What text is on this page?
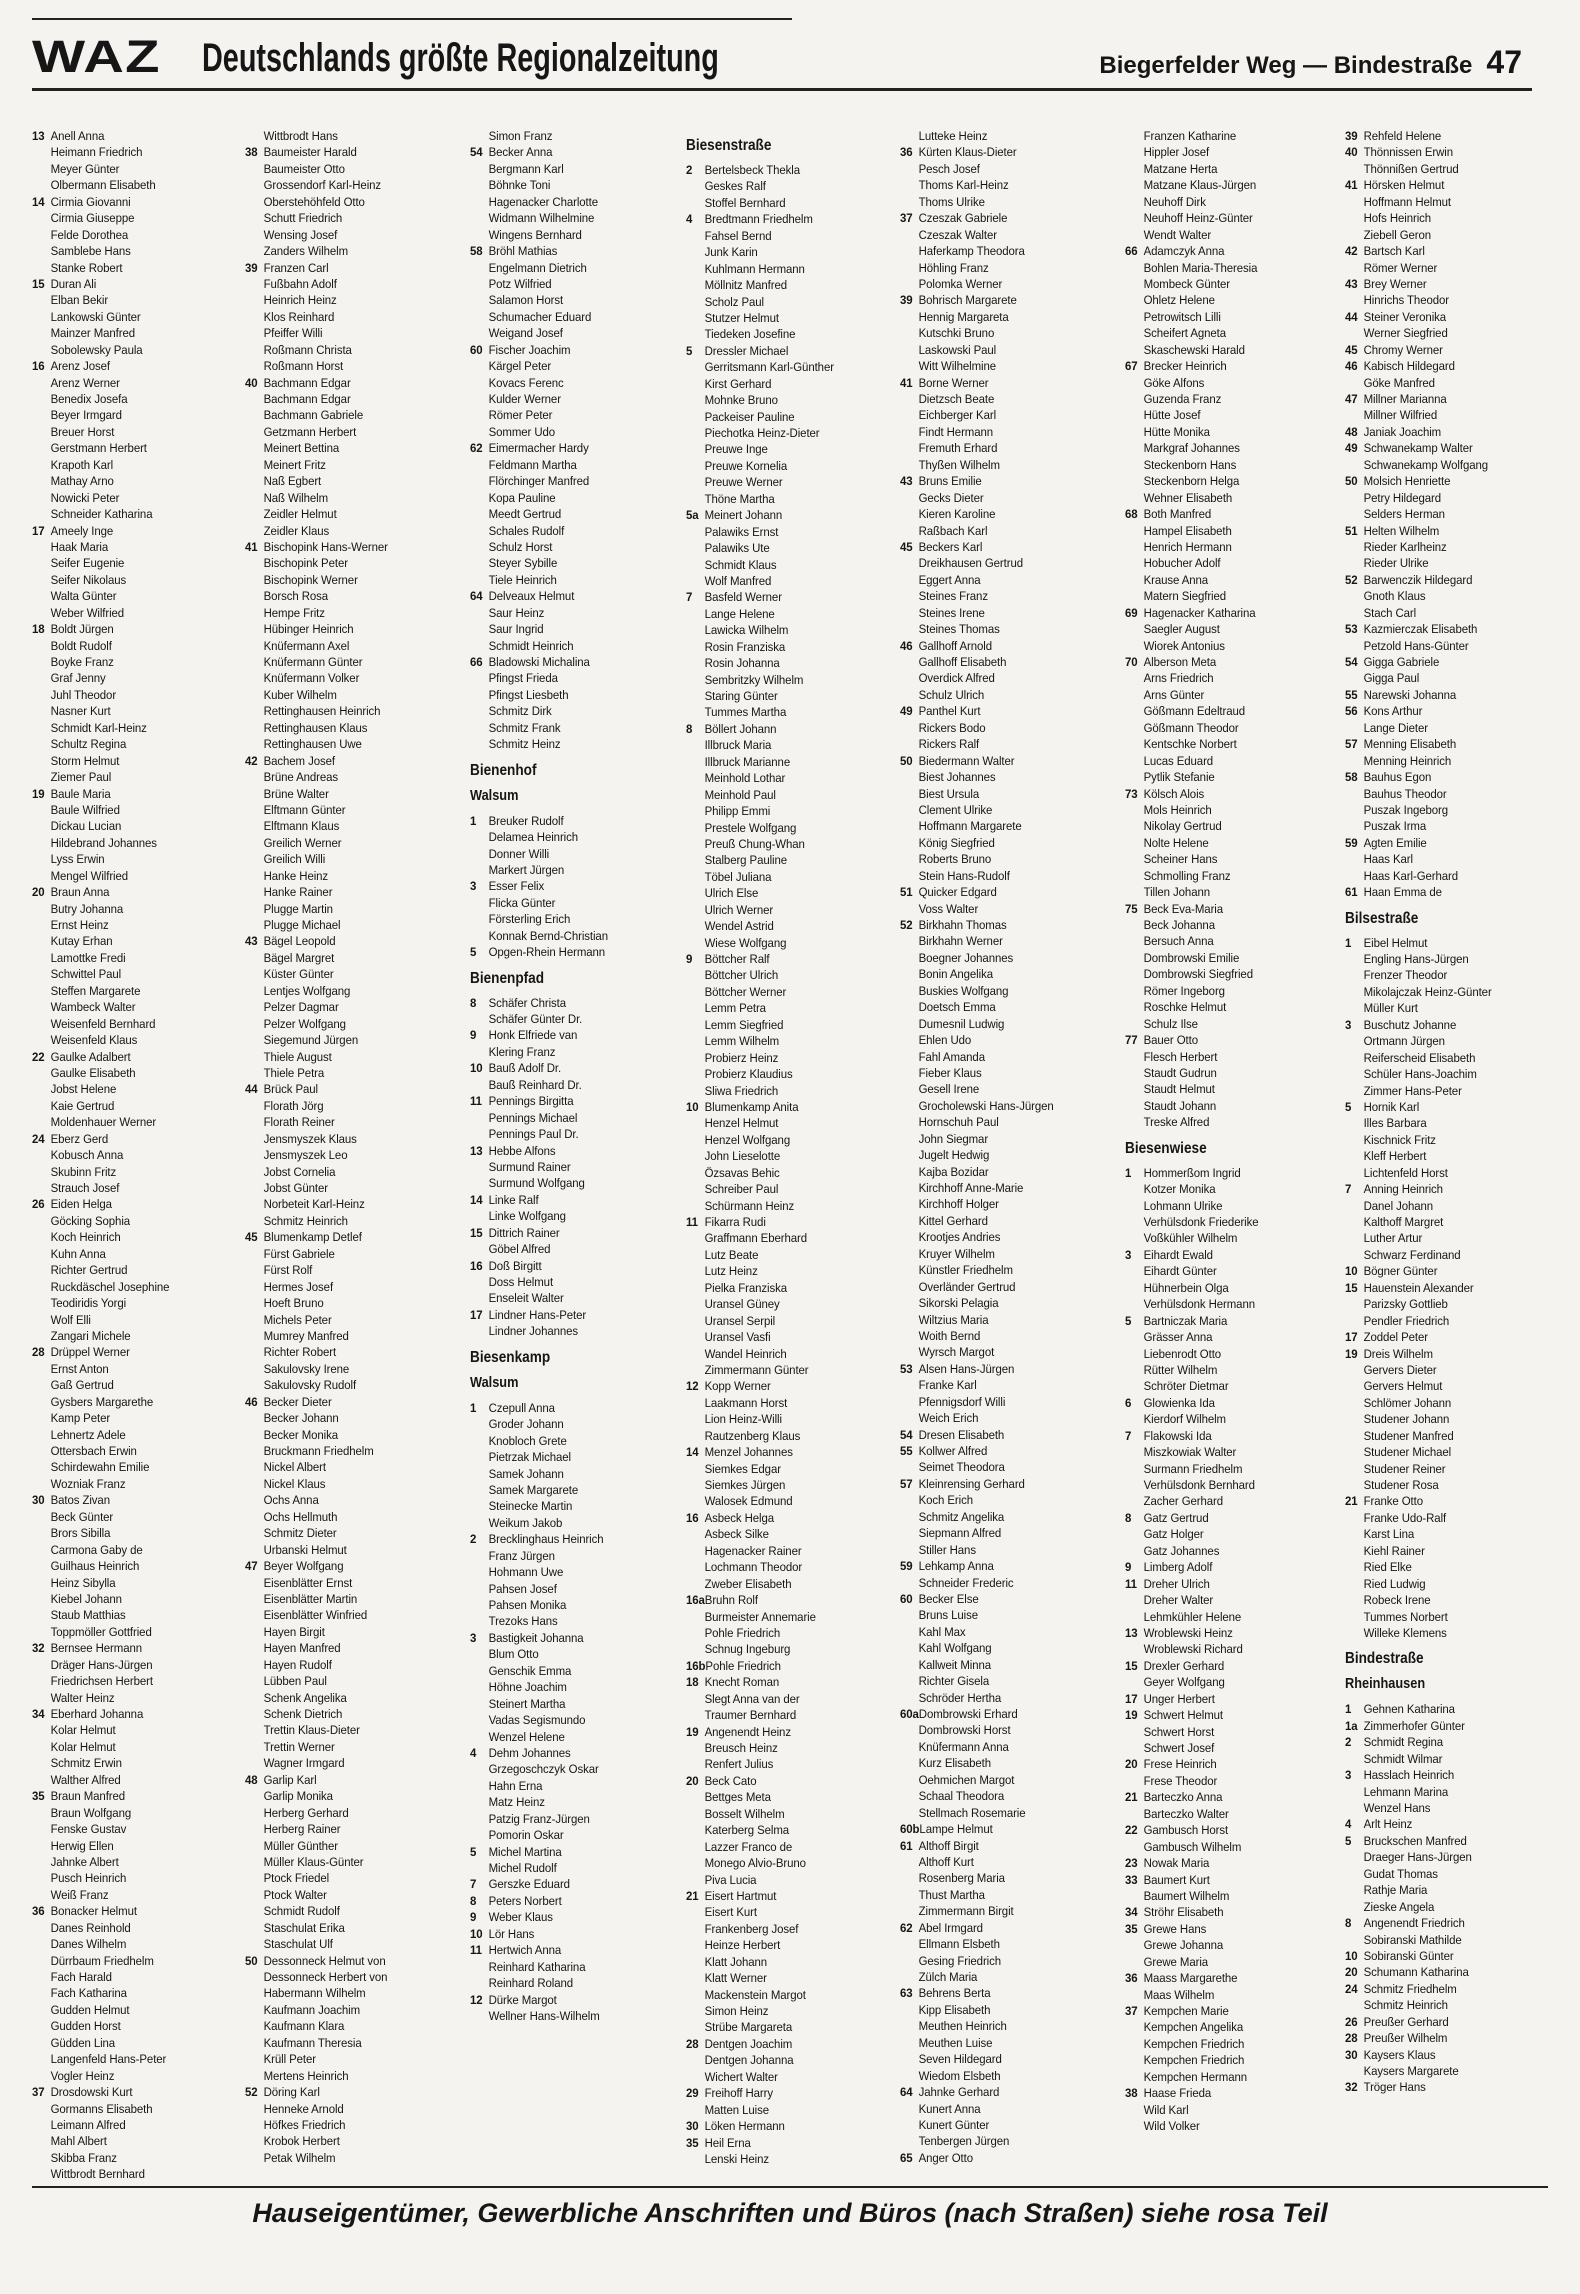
WAZ Deutschlands größte Regionalzeitung	Biegerfelder Weg — Bindestraße 47
13 Anell Anna
Heimann Friedrich
Meyer Günter
Olbermann Elisabeth
14 Cirmia Giovanni
Cirmia Giuseppe
Felde Dorothea
Samblebe Hans
Stanke Robert
15 Duran Ali
Elban Bekir
Lankowski Günter
Mainzer Manfred
Sobolewsky Paula
16 Arenz Josef
Arenz Werner
Benedix Josefa
Beyer Irmgard
Breuer Horst
Gerstmann Herbert
Krapoth Karl
Mathay Arno
Nowicki Peter
Schneider Katharina
17 Ameely Inge
Haak Maria
Seifer Eugenie
Seifer Nikolaus
Walta Günter
Weber Wilfried
18 Boldt Jürgen
Boldt Rudolf
Boyke Franz
Graf Jenny
Juhl Theodor
Nasner Kurt
Schmidt Karl-Heinz
Schultz Regina
Storm Helmut
Ziemer Paul
19 Baule Maria
Baule Wilfried
Dickau Lucian
Hildebrand Johannes
Lyss Erwin
Mengel Wilfried
20 Braun Anna
Butry Johanna
Ernst Heinz
Kutay Erhan
Lamottke Fredi
Schwittel Paul
Steffen Margarete
Wambeck Walter
Weisenfeld Bernhard
Weisenfeld Klaus
22 Gaulke Adalbert
Gaulke Elisabeth
Jobst Helene
Kaie Gertrud
Moldenhauer Werner
24 Eberz Gerd
Kobusch Anna
Skubinn Fritz
Strauch Josef
26 Eiden Helga
Göcking Sophia
Koch Heinrich
Kuhn Anna
Richter Gertrud
Ruckdäschel Josephine
Teodiridis Yorgi
Wolf Elli
Zangari Michele
28 Drüppel Werner
Ernst Anton
Gaß Gertrud
Gysbers Margarethe
Kamp Peter
Lehnertz Adele
Ottersbach Erwin
Schirdewahn Emilie
Wozniak Franz
30 Batos Zivan
Beck Günter
Brors Sibilla
Carmona Gaby de
Guilhaus Heinrich
Heinz Sibylla
Kiebel Johann
Staub Matthias
Toppmöller Gottfried
32 Bernsee Hermann
Dräger Hans-Jürgen
Friedrichsen Herbert
Walter Heinz
34 Eberhard Johanna
Kolar Helmut
Kolar Helmut
Schmitz Erwin
Walther Alfred
35 Braun Manfred
Braun Wolfgang
Fenske Gustav
Herwig Ellen
Jahnke Albert
Pusch Heinrich
Weiß Franz
36 Bonacker Helmut
Danes Reinhold
Danes Wilhelm
Dürrbaum Friedhelm
Fach Harald
Fach Katharina
Gudden Helmut
Gudden Horst
Güdden Lina
Langenfeld Hans-Peter
Vogler Heinz
37 Drosdowski Kurt
Gormanns Elisabeth
Leimann Alfred
Mahl Albert
Skibba Franz
Wittbrodt Bernhard
Wittbrodt Hans
38 Baumeister Harald
Baumeister Otto
Grossendorf Karl-Heinz
Oberstehöhfeld Otto
Schutt Friedrich
Wensing Josef
Zanders Wilhelm
39 Franzen Carl
Fußbahn Adolf
Heinrich Heinz
Klos Reinhard
Pfeiffer Willi
Roßmann Christa
Roßmann Horst
40 Bachmann Edgar
Bachmann Edgar
Bachmann Gabriele
Getzmann Herbert
Meinert Bettina
Meinert Fritz
Naß Egbert
Naß Wilhelm
Zeidler Helmut
Zeidler Klaus
41 Bischopink Hans-Werner
Bischopink Peter
Bischopink Werner
Borsch Rosa
Hempe Fritz
Hübinger Heinrich
Knüfermann Axel
Knüfermann Günter
Knüfermann Volker
Kuber Wilhelm
Rettinghausen Heinrich
Rettinghausen Klaus
Rettinghausen Uwe
42 Bachem Josef
Brüne Andreas
Brüne Walter
Elftmann Günter
Elftmann Klaus
Greilich Werner
Greilich Willi
Hanke Heinz
Hanke Rainer
Plugge Martin
Plugge Michael
43 Bägel Leopold
Bägel Margret
Küster Günter
Lentjes Wolfgang
Pelzer Dagmar
Pelzer Wolfgang
Siegemund Jürgen
Thiele August
Thiele Petra
44 Brück Paul
Florath Jörg
Florath Reiner
Jensmyszek Klaus
Jensmyszek Leo
Jobst Cornelia
Jobst Günter
Norbeteit Karl-Heinz
Schmitz Heinrich
45 Blumenkamp Detlef
Fürst Gabriele
Fürst Rolf
Hermes Josef
Hoeft Bruno
Michels Peter
Mumrey Manfred
Richter Robert
Sakulovsky Irene
Sakulovsky Rudolf
46 Becker Dieter
Becker Johann
Becker Monika
Bruckmann Friedhelm
Nickel Albert
Nickel Klaus
Ochs Anna
Ochs Hellmuth
Schmitz Dieter
Urbanski Helmut
47 Beyer Wolfgang
Eisenblätter Ernst
Eisenblätter Martin
Eisenblätter Winfried
Hayen Birgit
Hayen Manfred
Hayen Rudolf
Lübben Paul
Schenk Angelika
Schenk Dietrich
Trettin Klaus-Dieter
Trettin Werner
Wagner Irmgard
48 Garlip Karl
Garlip Monika
Herberg Gerhard
Herberg Rainer
Müller Günther
Müller Klaus-Günter
Ptock Friedel
Ptock Walter
Schmidt Rudolf
Staschulat Erika
Staschulat Ulf
50 Dessonneck Helmut von
Dessonneck Herbert von
Habermann Wilhelm
Kaufmann Joachim
Kaufmann Klara
Kaufmann Theresia
Krüll Peter
Mertens Heinrich
52 Döring Karl
Henneke Arnold
Höfkes Friedrich
Krobok Herbert
Petak Wilhelm
Simon Franz
54 Becker Anna
Bergmann Karl
Böhnke Toni
Hagenacker Charlotte
Widmann Wilhelmine
Wingens Bernhard
58 Bröhl Mathias
Engelmann Dietrich
Potz Wilfried
Salamon Horst
Schumacher Eduard
Weigand Josef
60 Fischer Joachim
Kärgel Peter
Kovacs Ferenc
Kulder Werner
Römer Peter
Sommer Udo
62 Eimermacher Hardy
Feldmann Martha
Flörchinger Manfred
Kopa Pauline
Meedt Gertrud
Schales Rudolf
Schulz Horst
Steyer Sybille
Tiele Heinrich
64 Delveaux Helmut
Saur Heinz
Saur Ingrid
Schmidt Heinrich
66 Bladowski Michalina
Pfingst Frieda
Pfingst Liesbeth
Schmitz Dirk
Schmitz Frank
Schmitz Heinz
Bienenhof
Walsum
1 Breuker Rudolf
Delamea Heinrich
Donner Willi
Markert Jürgen
3 Esser Felix
Flicka Günter
Försterling Erich
Konnak Bernd-Christian
5 Opgen-Rhein Hermann
Bienenpfad
8 Schäfer Christa
Schäfer Günter Dr.
9 Honk Elfriede van
Klering Franz
10 Bauß Adolf Dr.
Bauß Reinhard Dr.
11 Pennings Birgitta
Pennings Michael
Pennings Paul Dr.
13 Hebbe Alfons
Surmund Rainer
Surmund Wolfgang
14 Linke Ralf
Linke Wolfgang
15 Dittrich Rainer
Göbel Alfred
16 Doß Birgitt
Doss Helmut
Enseleit Walter
17 Lindner Hans-Peter
Lindner Johannes
Biesenkamp
Walsum
1 Czepull Anna
Groder Johann
Knobloch Grete
Pietrzak Michael
Samek Johann
Samek Margarete
Steinecke Martin
Weikum Jakob
2 Brecklinghaus Heinrich
Franz Jürgen
Hohmann Uwe
Pahsen Josef
Pahsen Monika
Trezoks Hans
3 Bastigkeit Johanna
Blum Otto
Genschik Emma
Höhne Joachim
Steinert Martha
Vadas Segismundo
Wenzel Helene
4 Dehm Johannes
Grzegoschczyk Oskar
Hahn Erna
Matz Heinz
Patzig Franz-Jürgen
Pomorin Oskar
5 Michel Martina
Michel Rudolf
7 Gerszke Eduard
8 Peters Norbert
9 Weber Klaus
10 Lör Hans
11 Hertwich Anna
Reinhard Katharina
Reinhard Roland
12 Dürke Margot
Wellner Hans-Wilhelm
Biesenstraße
2 Bertelsbeck Thekla
Geskes Ralf
Stoffel Bernhard
4 Bredtmann Friedhelm
Fahsel Bernd
Junk Karin
Kuhlmann Hermann
Möllnitz Manfred
Scholz Paul
Stutzer Helmut
Tiedeken Josefine
5 Dressler Michael
Gerritsmann Karl-Günther
Kirst Gerhard
Mohnke Bruno
Packeiser Pauline
Piechotka Heinz-Dieter
Preuwe Inge
Preuwe Kornelia
Preuwe Werner
Thöne Martha
5a Meinert Johann
Palawiks Ernst
Palawiks Ute
Schmidt Klaus
Wolf Manfred
7 Basfeld Werner
Lange Helene
Lawicka Wilhelm
Rosin Franziska
Rosin Johanna
Sembritzky Wilhelm
Staring Günter
Tummes Martha
8 Böllert Johann
Illbruck Maria
Illbruck Marianne
Meinhold Lothar
Meinhold Paul
Philipp Emmi
Prestele Wolfgang
Preuß Chung-Whan
Stalberg Pauline
Töbel Juliana
Ulrich Else
Ulrich Werner
Wendel Astrid
Wiese Wolfgang
9 Böttcher Ralf
Böttcher Ulrich
Böttcher Werner
Lemm Petra
Lemm Siegfried
Lemm Wilhelm
Probierz Heinz
Probierz Klaudius
Sliwa Friedrich
10 Blumenkamp Anita
Henzel Helmut
Henzel Wolfgang
John Lieselotte
Özsavas Behic
Schreiber Paul
Schürmann Heinz
11 Fikarra Rudi
Graffmann Eberhard
Lutz Beate
Lutz Heinz
Pielka Franziska
Uransel Güney
Uransel Serpil
Uransel Vasfi
Wandel Heinrich
Zimmermann Günter
12 Kopp Werner
Laakmann Horst
Lion Heinz-Willi
Rautzenberg Klaus
14 Menzel Johannes
Siemkes Edgar
Siemkes Jürgen
Walosek Edmund
16 Asbeck Helga
Asbeck Silke
Hagenacker Rainer
Lochmann Theodor
Zweber Elisabeth
16aBruhn Rolf
Burmeister Annemarie
Pohle Friedrich
Schnug Ingeburg
16bPohle Friedrich
18 Knecht Roman
Slegt Anna van der
Traumer Bernhard
19 Angenendt Heinz
Breusch Heinz
Renfert Julius
20 Beck Cato
Bettges Meta
Bosselt Wilhelm
Katerberg Selma
Lazzer Franco de
Monego Alvio-Bruno
Piva Lucia
21 Eisert Hartmut
Eisert Kurt
Frankenberg Josef
Heinze Herbert
Klatt Johann
Klatt Werner
Mackenstein Margot
Simon Heinz
Strübe Margareta
28 Dentgen Joachim
Dentgen Johanna
Wichert Walter
29 Freihoff Harry
Matten Luise
30 Löken Hermann
35 Heil Erna
Lenski Heinz
Lutteke Heinz
36 Kürten Klaus-Dieter
Pesch Josef
Thoms Karl-Heinz
Thoms Ulrike
37 Czeszak Gabriele
Czeszak Walter
Haferkamp Theodora
Höhling Franz
Polomka Werner
39 Bohrisch Margarete
Hennig Margareta
Kutschki Bruno
Laskowski Paul
Witt Wilhelmine
41 Borne Werner
Dietzsch Beate
Eichberger Karl
Findt Hermann
Fremuth Erhard
Thyßen Wilhelm
43 Bruns Emilie
Gecks Dieter
Kieren Karoline
Raßbach Karl
45 Beckers Karl
Dreikhausen Gertrud
Eggert Anna
Steines Franz
Steines Irene
Steines Thomas
46 Gallhoff Arnold
Gallhoff Elisabeth
Overdick Alfred
Schulz Ulrich
49 Panthel Kurt
Rickers Bodo
Rickers Ralf
50 Biedermann Walter
Biest Johannes
Biest Ursula
Clement Ulrike
Hoffmann Margarete
König Siegfried
Roberts Bruno
Stein Hans-Rudolf
51 Quicker Edgard
Voss Walter
52 Birkhahn Thomas
Birkhahn Werner
Boegner Johannes
Bonin Angelika
Buskies Wolfgang
Doetsch Emma
Dumesnil Ludwig
Ehlen Udo
Fahl Amanda
Fieber Klaus
Gesell Irene
Grocholewski Hans-Jürgen
Hornschuh Paul
John Siegmar
Jugelt Hedwig
Kajba Bozidar
Kirchhoff Anne-Marie
Kirchhoff Holger
Kittel Gerhard
Krootjes Andries
Kruyer Wilhelm
Künstler Friedhelm
Overländer Gertrud
Sikorski Pelagia
Wiltzius Maria
Woith Bernd
Wyrsch Margot
53 Alsen Hans-Jürgen
Franke Karl
Pfennigsdorf Willi
Weich Erich
54 Dresen Elisabeth
55 Kollwer Alfred
Seimet Theodora
57 Kleinrensing Gerhard
Koch Erich
Schmitz Angelika
Siepmann Alfred
Stiller Hans
59 Lehkamp Anna
Schneider Frederic
60 Becker Else
Bruns Luise
Kahl Max
Kahl Wolfgang
Kallweit Minna
Richter Gisela
Schröder Hertha
60aDombrowski Erhard
Dombrowski Horst
Knüfermann Anna
Kurz Elisabeth
Oehmichen Margot
Schaal Theodora
Stellmach Rosemarie
60bLampe Helmut
61 Althoff Birgit
Althoff Kurt
Rosenberg Maria
Thust Martha
Zimmermann Birgit
62 Abel Irmgard
Ellmann Elsbeth
Gesing Friedrich
Zülch Maria
63 Behrens Berta
Kipp Elisabeth
Meuthen Heinrich
Meuthen Luise
Seven Hildegard
Wiedom Elsbeth
64 Jahnke Gerhard
Kunert Anna
Kunert Günter
Tenbergen Jürgen
65 Anger Otto
Franzen Katharine
Hippler Josef
Matzane Herta
Matzane Klaus-Jürgen
Neuhoff Dirk
Neuhoff Heinz-Günter
Wendt Walter
66 Adamczyk Anna
Bohlen Maria-Theresia
Mombeck Günter
Ohletz Helene
Petrowitsch Lilli
Scheifert Agneta
Skaschewski Harald
67 Brecker Heinrich
Göke Alfons
Guzenda Franz
Hütte Josef
Hütte Monika
Markgraf Johannes
Steckenborn Hans
Steckenborn Helga
Wehner Elisabeth
68 Both Manfred
Hampel Elisabeth
Henrich Hermann
Hobucher Adolf
Krause Anna
Matern Siegfried
69 Hagenacker Katharina
Saegler August
Wiorek Antonius
70 Alberson Meta
Arns Friedrich
Arns Günter
Gößmann Edeltraud
Gößmann Theodor
Kentschke Norbert
Lucas Eduard
Pytlik Stefanie
73 Kölsch Alois
Mols Heinrich
Nikolay Gertrud
Nolte Helene
Scheiner Hans
Schmolling Franz
Tillen Johann
75 Beck Eva-Maria
Beck Johanna
Bersuch Anna
Dombrowski Emilie
Dombrowski Siegfried
Römer Ingeborg
Roschke Helmut
Schulz Ilse
77 Bauer Otto
Flesch Herbert
Staudt Gudrun
Staudt Helmut
Staudt Johann
Treske Alfred
Biesenwiese
1 Hommerßom Ingrid
Kotzer Monika
Lohmann Ulrike
Verhülsdonk Friederike
Voßkühler Wilhelm
3 Eihardt Ewald
Eihardt Günter
Hühnerbein Olga
Verhülsdonk Hermann
5 Bartniczak Maria
Grässer Anna
Liebenrodt Otto
Rütter Wilhelm
Schröter Dietmar
6 Glowienka Ida
Kierdorf Wilhelm
7 Flakowski Ida
Miszkowiak Walter
Surmann Friedhelm
Verhülsdonk Bernhard
Zacher Gerhard
8 Gatz Gertrud
Gatz Holger
Gatz Johannes
9 Limberg Adolf
11 Dreher Ulrich
Dreher Walter
Lehmkühler Helene
13 Wroblewski Heinz
Wroblewski Richard
15 Drexler Gerhard
Geyer Wolfgang
17 Unger Herbert
19 Schwert Helmut
Schwert Horst
Schwert Josef
20 Frese Heinrich
Frese Theodor
21 Barteczko Anna
Barteczko Walter
22 Gambusch Horst
Gambusch Wilhelm
23 Nowak Maria
33 Baumert Kurt
Baumert Wilhelm
34 Ströhr Elisabeth
35 Grewe Hans
Grewe Johanna
Grewe Maria
36 Maass Margarethe
Maas Wilhelm
37 Kempchen Marie
Kempchen Angelika
Kempchen Friedrich
Kempchen Friedrich
Kempchen Hermann
38 Haase Frieda
Wild Karl
Wild Volker
39 Rehfeld Helene
40 Thönnissen Erwin
Thönnißen Gertrud
41 Hörsken Helmut
Hoffmann Helmut
Hofs Heinrich
Ziebell Geron
42 Bartsch Karl
Römer Werner
43 Brey Werner
Hinrichs Theodor
44 Steiner Veronika
Werner Siegfried
45 Chromy Werner
46 Kabisch Hildegard
Göke Manfred
47 Millner Marianna
Millner Wilfried
48 Janiak Joachim
49 Schwanekamp Walter
Schwanekamp Wolfgang
50 Molsich Henriette
Petry Hildegard
Selders Herman
51 Helten Wilhelm
Rieder Karlheinz
Rieder Ulrike
52 Barwenczik Hildegard
Gnoth Klaus
Stach Carl
53 Kazmierczak Elisabeth
Petzold Hans-Günter
54 Gigga Gabriele
Gigga Paul
55 Narewski Johanna
56 Kons Arthur
Lange Dieter
57 Menning Elisabeth
Menning Heinrich
58 Bauhus Egon
Bauhus Theodor
Puszak Ingeborg
Puszak Irma
59 Agten Emilie
Haas Karl
Haas Karl-Gerhard
61 Haan Emma de
Bilsestraße
1 Eibel Helmut
Engling Hans-Jürgen
Frenzer Theodor
Mikolajczak Heinz-Günter
Müller Kurt
3 Buschutz Johanne
Ortmann Jürgen
Reiferscheid Elisabeth
Schüler Hans-Joachim
Zimmer Hans-Peter
5 Hornik Karl
Illes Barbara
Kischnick Fritz
Kleff Herbert
Lichtenfeld Horst
7 Anning Heinrich
Danel Johann
Kalthoff Margret
Luther Artur
Schwarz Ferdinand
10 Bögner Günter
15 Hauenstein Alexander
Parizsky Gottlieb
Pendler Friedrich
17 Zoddel Peter
19 Dreis Wilhelm
Gervers Dieter
Gervers Helmut
Schlömer Johann
Studener Johann
Studener Manfred
Studener Michael
Studener Reiner
Studener Rosa
21 Franke Otto
Franke Udo-Ralf
Karst Lina
Kiehl Rainer
Ried Elke
Ried Ludwig
Robeck Irene
Tummes Norbert
Willeke Klemens
Bindestraße
Rheinhausen
1 Gehnen Katharina
1a Zimmerhofer Günter
2 Schmidt Regina
Schmidt Wilmar
3 Hasslach Heinrich
Lehmann Marina
Wenzel Hans
4 Arlt Heinz
5 Bruckschen Manfred
Draeger Hans-Jürgen
Gudat Thomas
Rathje Maria
Zieske Angela
8 Angenendt Friedrich
Sobiranski Mathilde
10 Sobiranski Günter
20 Schumann Katharina
24 Schmitz Friedhelm
Schmitz Heinrich
26 Preußer Gerhard
28 Preußer Wilhelm
30 Kaysers Klaus
Kaysers Margarete
32 Tröger Hans
Hauseigentümer, Gewerbliche Anschriften und Büros (nach Straßen) siehe rosa Teil
